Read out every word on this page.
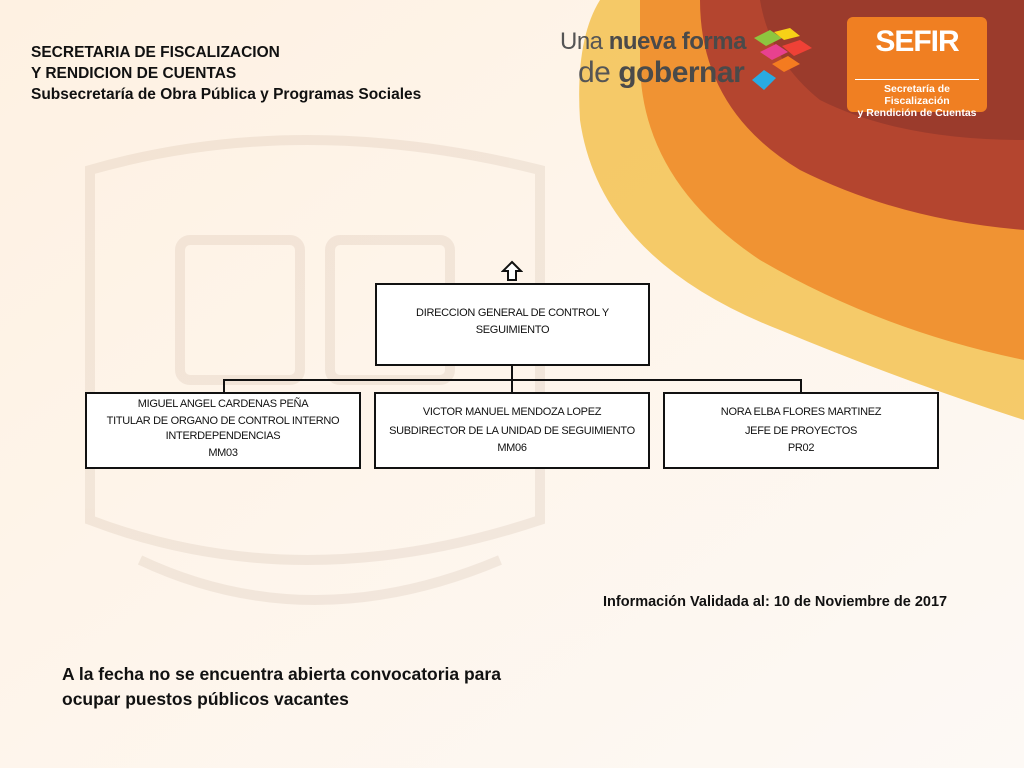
SECRETARIA DE FISCALIZACION
Y RENDICION DE CUENTAS
Subsecretaría de Obra Pública y Programas Sociales
Una nueva forma
de gobernar
SEFIR
Secretaría de Fiscalización
y Rendición de Cuentas
DIRECCION GENERAL DE CONTROL Y
SEGUIMIENTO
MIGUEL ANGEL CARDENAS PEÑA
TITULAR DE ORGANO DE CONTROL INTERNO
INTERDEPENDENCIAS
MM03
VICTOR MANUEL MENDOZA LOPEZ
SUBDIRECTOR DE LA UNIDAD DE SEGUIMIENTO
MM06
NORA ELBA FLORES MARTINEZ
JEFE DE PROYECTOS
PR02
Información Validada al: 10 de Noviembre de 2017
A la fecha no se encuentra abierta convocatoria para
ocupar puestos públicos vacantes
